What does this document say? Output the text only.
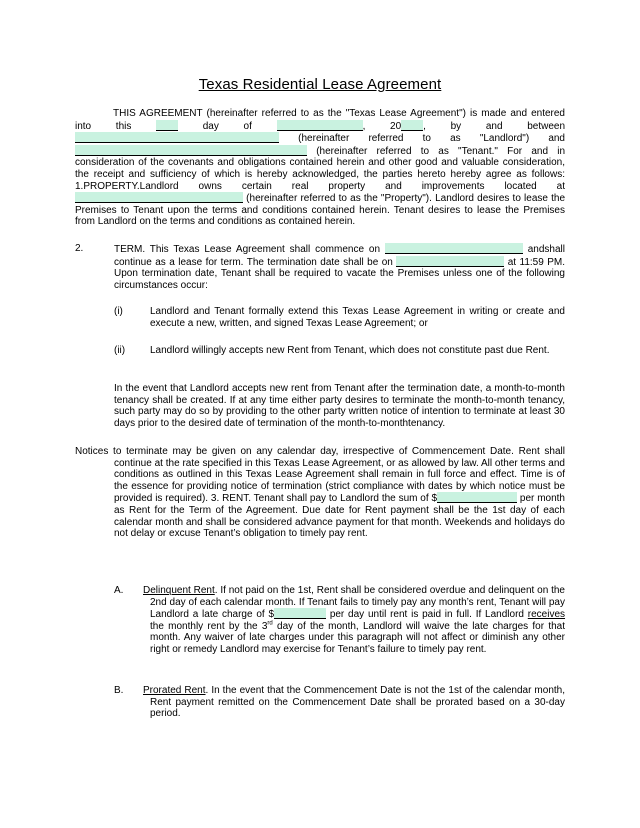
Texas Residential Lease Agreement
THIS AGREEMENT (hereinafter referred to as the "Texas Lease Agreement") is made and entered into this	day of	, 20 , by and between  (hereinafter referred to as "Landlord") and  (hereinafter referred to as "Tenant." For and in consideration of the covenants and obligations contained herein and other good and valuable consideration, the receipt and sufficiency of which is hereby acknowledged, the parties hereto hereby agree as follows: 1.PROPERTY.Landlord owns certain real property and improvements located at  (hereinafter referred to as the "Property"). Landlord desires to lease the Premises to Tenant upon the terms and conditions contained herein. Tenant desires to lease the Premises from Landlord on the terms and conditions as contained herein.
2.	TERM. This Texas Lease Agreement shall commence on	andshall continue as a lease for term. The termination date shall be on	at 11:59 PM. Upon termination date, Tenant shall be required to vacate the Premises unless one of the following circumstances occur:
(i)	Landlord and Tenant formally extend this Texas Lease Agreement in writing or create and execute a new, written, and signed Texas Lease Agreement; or
(ii) Landlord willingly accepts new Rent from Tenant, which does not constitute past due Rent.
In the event that Landlord accepts new rent from Tenant after the termination date, a month-to-month tenancy shall be created. If at any time either party desires to terminate the month-to-month tenancy, such party may do so by providing to the other party written notice of intention to terminate at least 30 days prior to the desired date of termination of the month-to-monthtenancy.
Notices to terminate may be given on any calendar day, irrespective of Commencement Date. Rent shall continue at the rate specified in this Texas Lease Agreement, or as allowed by law. All other terms and conditions as outlined in this Texas Lease Agreement shall remain in full force and effect. Time is of the essence for providing notice of termination (strict compliance with dates by which notice must be provided is required). 3. RENT. Tenant shall pay to Landlord the sum of $	per month as Rent for the Term of the Agreement. Due date for Rent payment shall be the 1st day of each calendar month and shall be considered advance payment for that month. Weekends and holidays do not delay or excuse Tenant’s obligation to timely pay rent.
A. Delinquent Rent. If not paid on the 1st, Rent shall be considered overdue and delinquent on the 2nd day of each calendar month. If Tenant fails to timely pay any month’s rent, Tenant will pay Landlord a late charge of $	per day until rent is paid in full. If Landlord receives the monthly rent by the 3rd day of the month, Landlord will waive the late charges for that month. Any waiver of late charges under this paragraph will not affect or diminish any other right or remedy Landlord may exercise for Tenant’s failure to timely pay rent.
B. Prorated Rent. In the event that the Commencement Date is not the 1st of the calendar month, Rent payment remitted on the Commencement Date shall be prorated based on a 30-day period.
